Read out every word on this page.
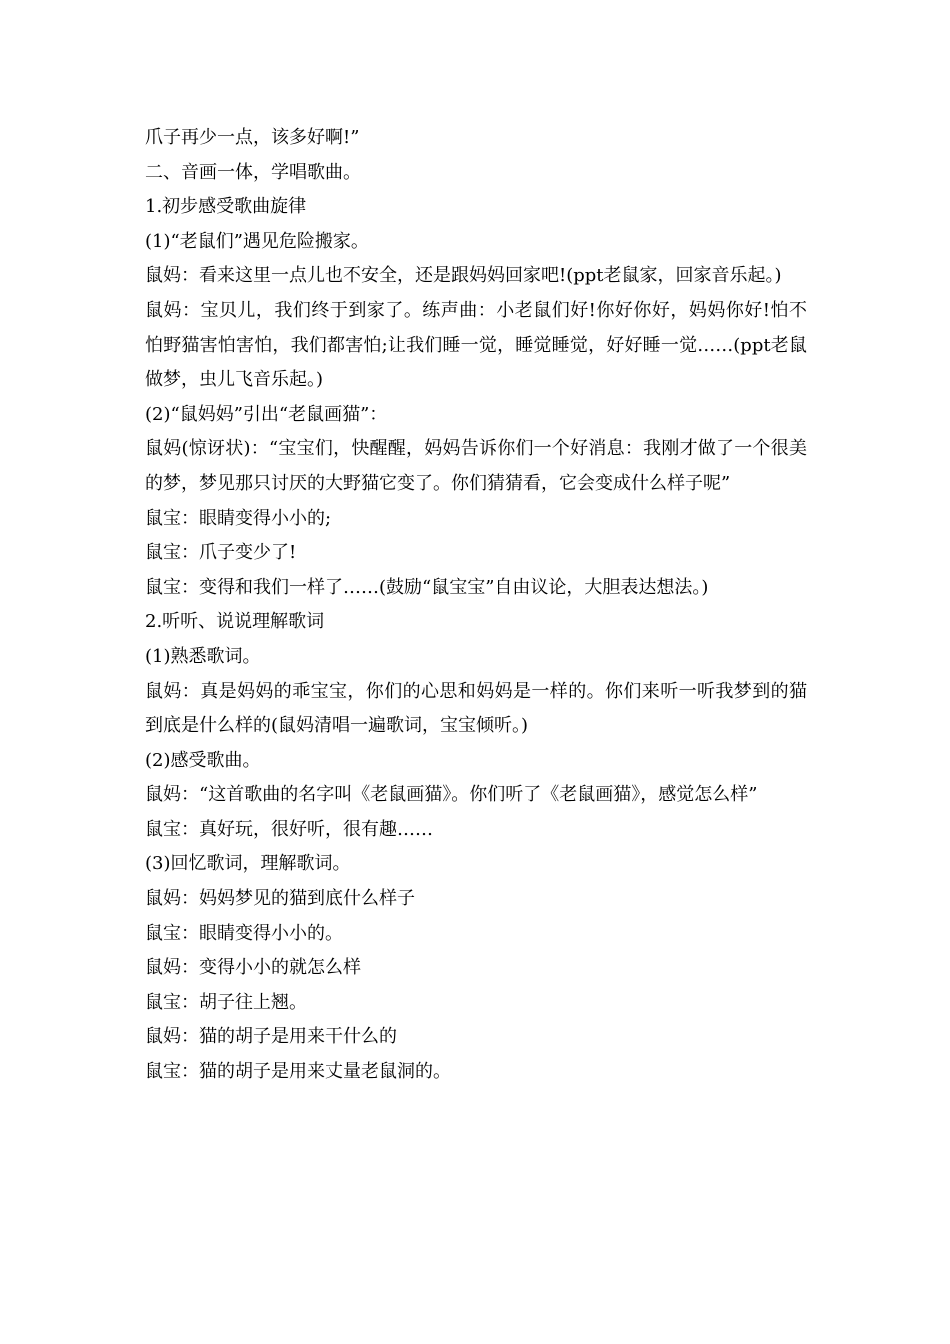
爪子再少一点，该多好啊!”

二、音画一体，学唱歌曲。

1.初步感受歌曲旋律

(1)“老鼠们”遇见危险搬家。

鼠妈：看来这里一点儿也不安全，还是跟妈妈回家吧!(ppt老鼠家，回家音乐起。)

鼠妈：宝贝儿，我们终于到家了。练声曲：小老鼠们好!你好你好，妈妈你好!怕不怕野猫害怕害怕，我们都害怕;让我们睡一觉，睡觉睡觉，好好睡一觉……(ppt老鼠做梦，虫儿飞音乐起。)

(2)“鼠妈妈”引出“老鼠画猫”：

鼠妈(惊讶状)：“宝宝们，快醒醒，妈妈告诉你们一个好消息：我刚才做了一个很美的梦，梦见那只讨厌的大野猫它变了。你们猜猜看，它会变成什么样子呢”

鼠宝：眼睛变得小小的;

鼠宝：爪子变少了!

鼠宝：变得和我们一样了……(鼓励“鼠宝宝”自由议论，大胆表达想法。)

2.听听、说说理解歌词

(1)熟悉歌词。

鼠妈：真是妈妈的乖宝宝，你们的心思和妈妈是一样的。你们来听一听我梦到的猫到底是什么样的(鼠妈清唱一遍歌词，宝宝倾听。)

(2)感受歌曲。

鼠妈：“这首歌曲的名字叫《老鼠画猫》。你们听了《老鼠画猫》，感觉怎么样”

鼠宝：真好玩，很好听，很有趣……

(3)回忆歌词，理解歌词。

鼠妈：妈妈梦见的猫到底什么样子

鼠宝：眼睛变得小小的。

鼠妈：变得小小的就怎么样

鼠宝：胡子往上翘。

鼠妈：猫的胡子是用来干什么的

鼠宝：猫的胡子是用来丈量老鼠洞的。
